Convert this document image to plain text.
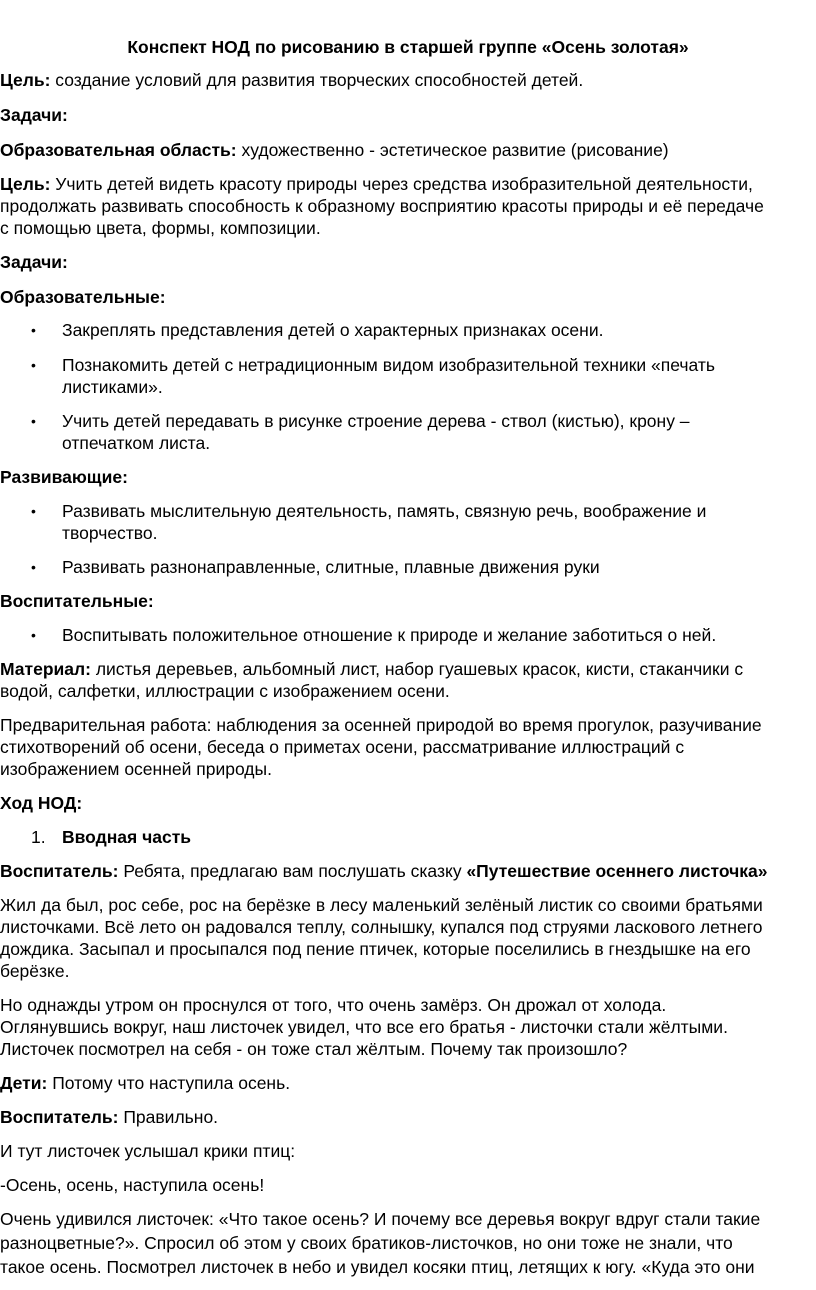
Конспект НОД по рисованию в старшей группе «Осень золотая»
Цель: создание условий для развития творческих способностей детей.
Задачи:
Образовательная область: художественно - эстетическое развитие (рисование)
Цель: Учить детей видеть красоту природы через средства изобразительной деятельности,
продолжать развивать способность к образному восприятию красоты природы и её передаче
с помощью цвета, формы, композиции.
Задачи:
Образовательные:
• Закреплять представления детей о характерных признаках осени.
• Познакомить детей с нетрадиционным видом изобразительной техники «печать
листиками».
• Учить детей передавать в рисунке строение дерева - ствол (кистью), крону –
отпечатком листа.
Развивающие:
• Развивать мыслительную деятельность, память, связную речь, воображение и
творчество.
• Развивать разнонаправленные, слитные, плавные движения руки
Воспитательные:
• Воспитывать положительное отношение к природе и желание заботиться о ней.
Материал: листья деревьев, альбомный лист, набор гуашевых красок, кисти, стаканчики с
водой, салфетки, иллюстрации с изображением осени.
Предварительная работа: наблюдения за осенней природой во время прогулок, разучивание
стихотворений об осени, беседа о приметах осени, рассматривание иллюстраций с
изображением осенней природы.
Ход НОД:
1. Вводная часть
Воспитатель: Ребята, предлагаю вам послушать сказку «Путешествие осеннего листочка»
Жил да был, рос себе, рос на берёзке в лесу маленький зелёный листик со своими братьями
листочками. Всё лето он радовался теплу, солнышку, купался под струями ласкового летнего
дождика. Засыпал и просыпался под пение птичек, которые поселились в гнездышке на его
берёзке.
Но однажды утром он проснулся от того, что очень замёрз. Он дрожал от холода.
Оглянувшись вокруг, наш листочек увидел, что все его братья - листочки стали жёлтыми.
Листочек посмотрел на себя - он тоже стал жёлтым. Почему так произошло?
Дети: Потому что наступила осень.
Воспитатель: Правильно.
И тут листочек услышал крики птиц:
-Осень, осень, наступила осень!
Очень удивился листочек: «Что такое осень? И почему все деревья вокруг вдруг стали такие
разноцветные?». Спросил об этом у своих братиков-листочков, но они тоже не знали, что
такое осень. Посмотрел листочек в небо и увидел косяки птиц, летящих к югу. «Куда это они
